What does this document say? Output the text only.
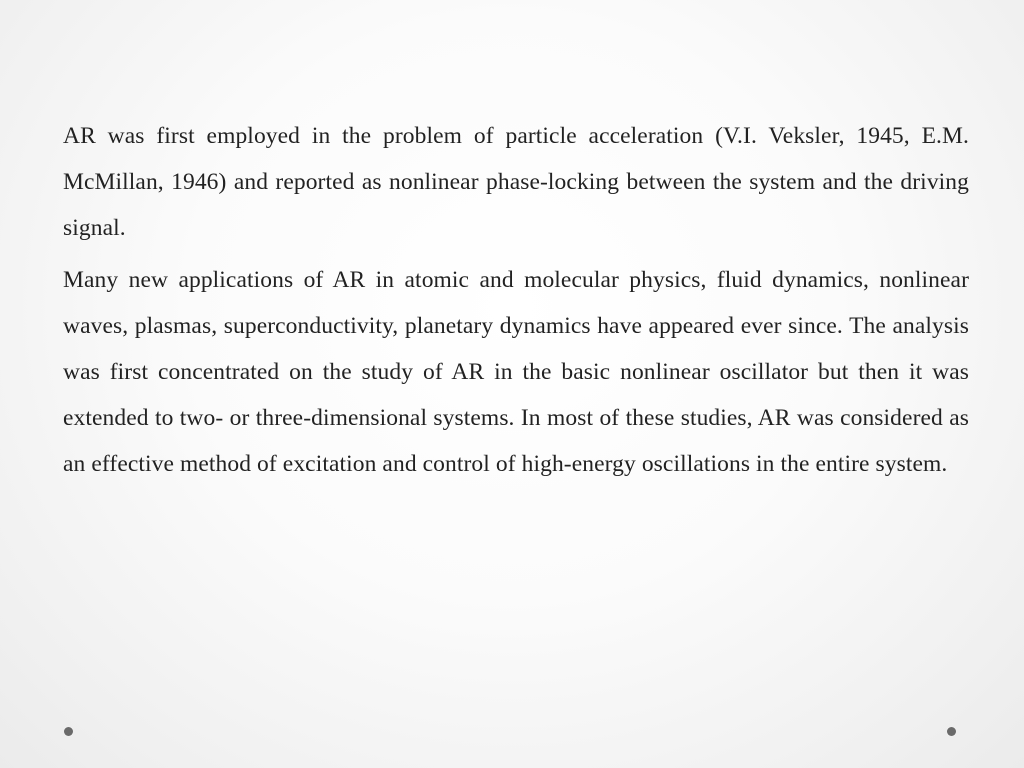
AR was first employed in the problem of particle acceleration (V.I. Veksler, 1945, E.M. McMillan, 1946) and reported as nonlinear phase-locking between the system and the driving signal.

Many new applications of AR in atomic and molecular physics, fluid dynamics, nonlinear waves, plasmas, superconductivity, planetary dynamics have appeared ever since. The analysis was first concentrated on the study of AR in the basic nonlinear oscillator but then it was extended to two- or three-dimensional systems. In most of these studies, AR was considered as an effective method of excitation and control of high-energy oscillations in the entire system.
